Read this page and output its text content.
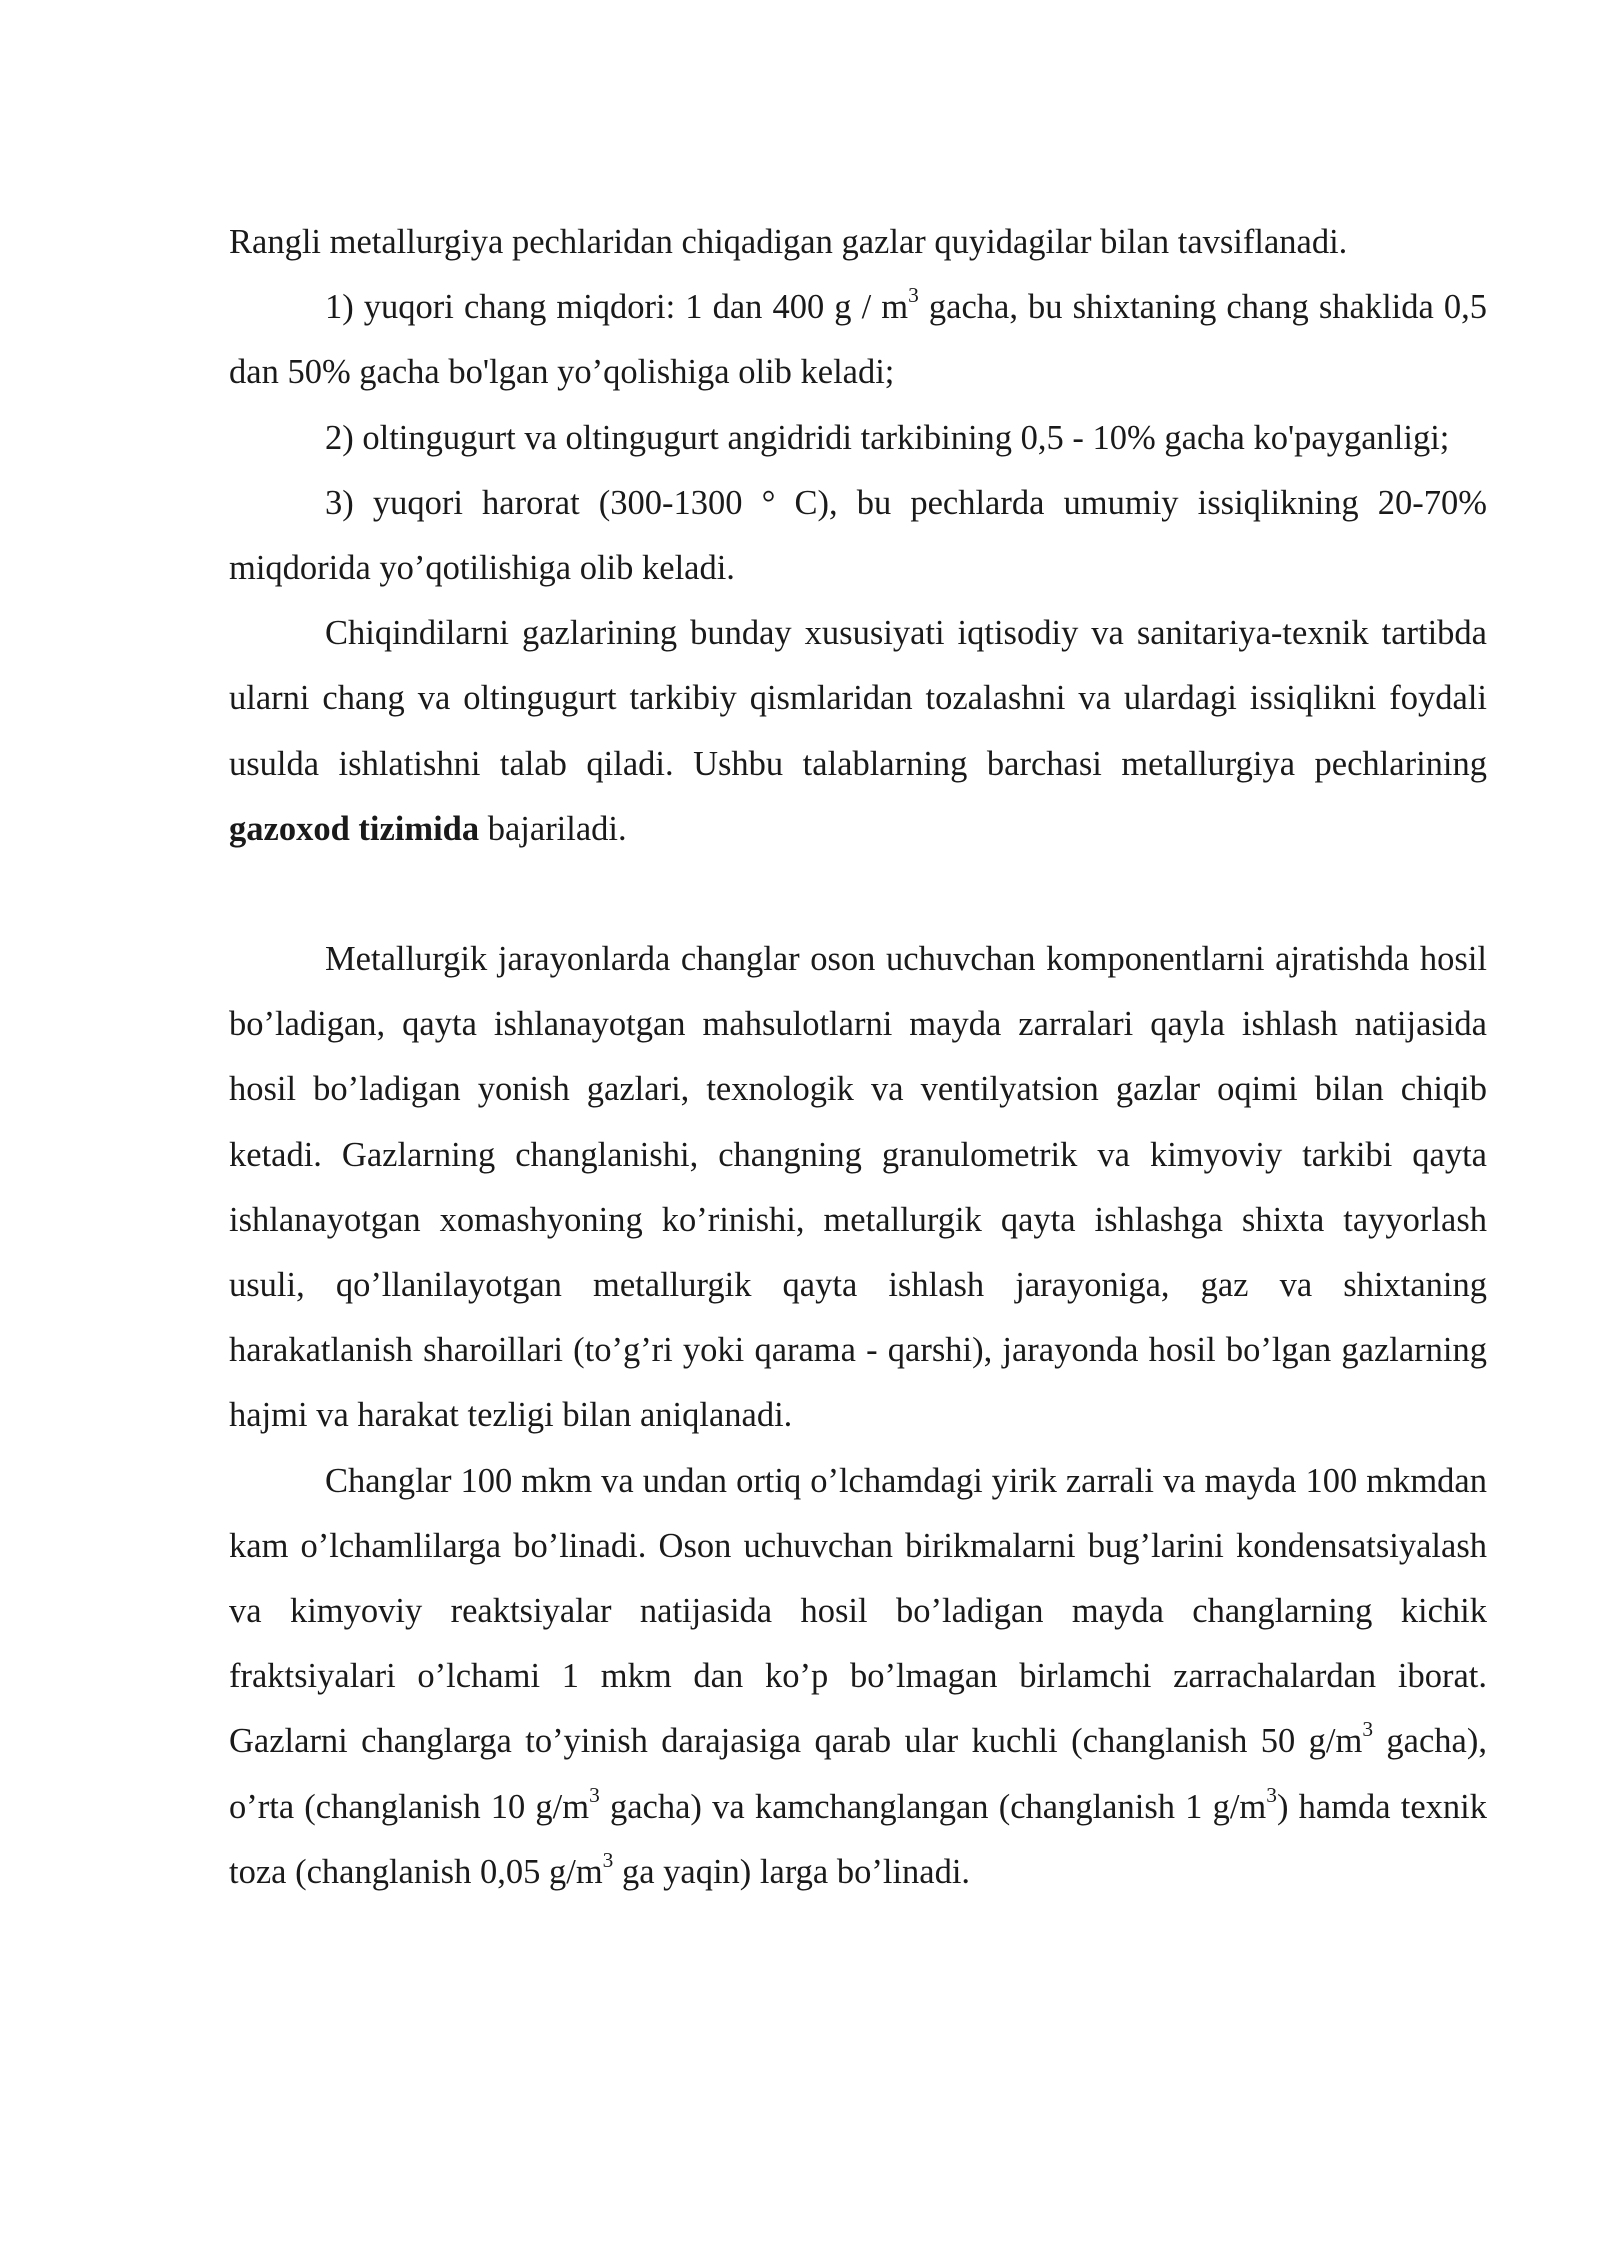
Rangli metallurgiya pechlaridan chiqadigan gazlar quyidagilar bilan tavsiflanadi.

1) yuqori chang miqdori: 1 dan 400 g / $m^3$ gacha, bu shixtaning chang shaklida 0,5 dan 50% gacha bo'lgan yo’qolishiga olib keladi;

2) oltingugurt va oltingugurt angidridi tarkibining 0,5 - 10% gacha ko'payganligi;

3) yuqori harorat (300-1300 ° C), bu pechlarda umumiy issiqlikning 20-70% miqdorida yo’qotilishiga olib keladi.

Chiqindilarni gazlarining bunday xususiyati iqtisodiy va sanitariya-texnik tartibda ularni chang va oltingugurt tarkibiy qismlaridan tozalashni va ulardagi issiqlikni foydali usulda ishlatishni talab qiladi. Ushbu talablarning barchasi metallurgiya pechlarining gazoxod tizimida bajariladi.

Metallurgik jarayonlarda changlar oson uchuvchan komponentlarni ajratishda hosil bo’ladigan, qayta ishlanayotgan mahsulotlarni mayda zarralari qayla ishlash natijasida hosil bo’ladigan yonish gazlari, texnologik va ventilyatsion gazlar oqimi bilan chiqib ketadi. Gazlarning changlanishi, changning granulometrik va kimyoviy tarkibi qayta ishlanayotgan xomashyoning ko’rinishi, metallurgik qayta ishlashga shixta tayyorlash usuli, qo’llanilayotgan metallurgik qayta ishlash jarayoniga, gaz va shixtaning harakatlanish sharoillari (to’g’ri yoki qarama - qarshi), jarayonda hosil bo’lgan gazlarning hajmi va harakat tezligi bilan aniqlanadi.

Changlar 100 mkm va undan ortiq o’lchamdagi yirik zarrali va mayda 100 mkmdan kam o’lchamlilarga bo’linadi. Oson uchuvchan birikmalarni bug’larini kondensatsiyalash va kimyoviy reaktsiyalar natijasida hosil bo’ladigan mayda changlarning kichik fraktsiyalari o’lchami 1 mkm dan ko’p bo’lmagan birlamchi zarrachalardan iborat. Gazlarni changlarga to’yinish darajasiga qarab ular kuchli (changlanish 50 $g/m^3$ gacha), o’rta (changlanish 10 $g/m^3$ gacha) va kamchanglangan (changlanish 1 $g/m^3$) hamda texnik toza (changlanish 0,05 $g/m^3$ ga yaqin) larga bo’linadi.
